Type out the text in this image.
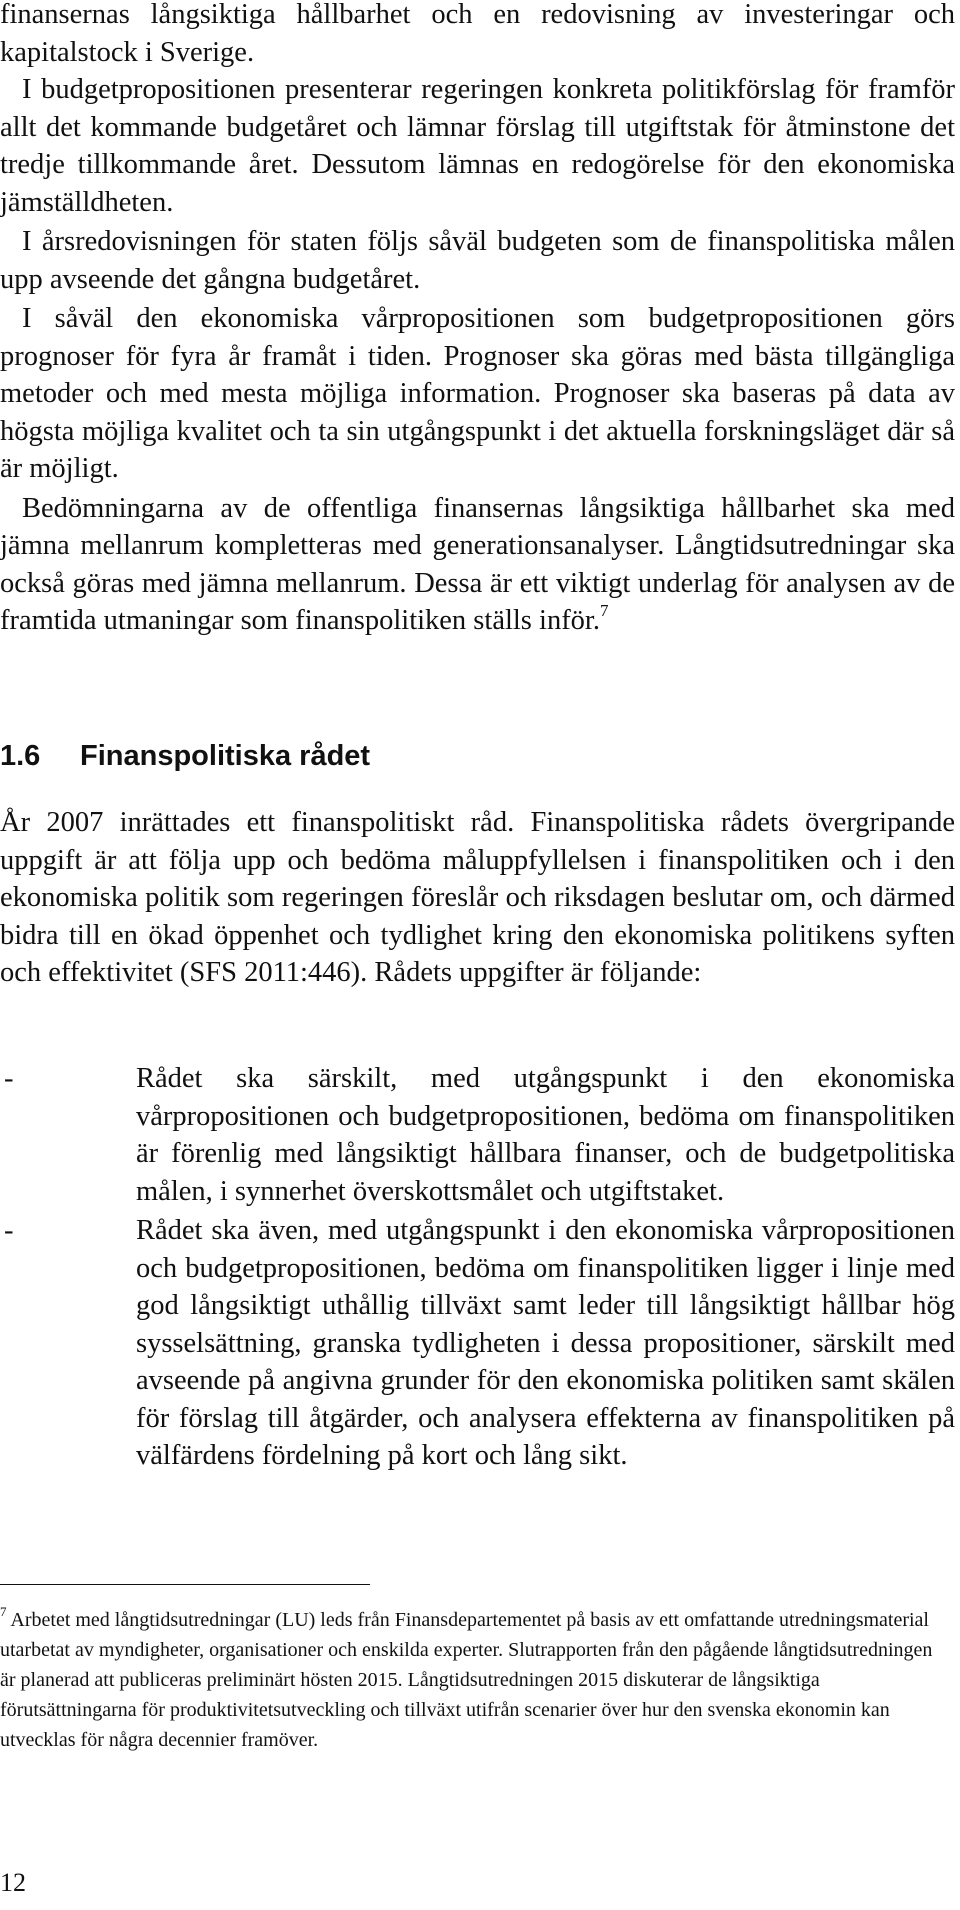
finansernas långsiktiga hållbarhet och en redovisning av investeringar och kapitalstock i Sverige.

I budgetpropositionen presenterar regeringen konkreta politikförslag för framför allt det kommande budgetåret och lämnar förslag till utgiftstak för åtminstone det tredje tillkommande året. Dessutom lämnas en redogörelse för den ekonomiska jämställdheten.

I årsredovisningen för staten följs såväl budgeten som de finanspolitiska målen upp avseende det gångna budgetåret.

I såväl den ekonomiska vårpropositionen som budgetpropositionen görs prognoser för fyra år framåt i tiden. Prognoser ska göras med bästa tillgängliga metoder och med mesta möjliga information. Prognoser ska baseras på data av högsta möjliga kvalitet och ta sin utgångspunkt i det aktuella forskningsläget där så är möjligt.

Bedömningarna av de offentliga finansernas långsiktiga hållbarhet ska med jämna mellanrum kompletteras med generationsanalyser. Långtidsutredningar ska också göras med jämna mellanrum. Dessa är ett viktigt underlag för analysen av de framtida utmaningar som finanspolitiken ställs inför.$^7$

1.6 Finanspolitiska rådet

År 2007 inrättades ett finanspolitiskt råd. Finanspolitiska rådets övergripande uppgift är att följa upp och bedöma måluppfyllelsen i finanspolitiken och i den ekonomiska politik som regeringen föreslår och riksdagen beslutar om, och därmed bidra till en ökad öppenhet och tydlighet kring den ekonomiska politikens syften och effektivitet (SFS 2011:446). Rådets uppgifter är följande:

-	Rådet ska särskilt, med utgångspunkt i den ekonomiska vårpropositionen och budgetpropositionen, bedöma om finanspolitiken är förenlig med långsiktigt hållbara finanser, och de budgetpolitiska målen, i synnerhet överskottsmålet och utgiftstaket.
-	Rådet ska även, med utgångspunkt i den ekonomiska vårpropositionen och budgetpropositionen, bedöma om finanspolitiken ligger i linje med god långsiktigt uthållig tillväxt samt leder till långsiktigt hållbar hög sysselsättning, granska tydligheten i dessa propositioner, särskilt med avseende på angivna grunder för den ekonomiska politiken samt skälen för förslag till åtgärder, och analysera effekterna av finanspolitiken på välfärdens fördelning på kort och lång sikt.

$^7$ Arbetet med långtidsutredningar (LU) leds från Finansdepartementet på basis av ett omfattande utredningsmaterial utarbetat av myndigheter, organisationer och enskilda experter. Slutrapporten från den pågående långtidsutredningen är planerad att publiceras preliminärt hösten 2015. Långtidsutredningen 2015 diskuterar de långsiktiga förutsättningarna för produktivitetsutveckling och tillväxt utifrån scenarier över hur den svenska ekonomin kan utvecklas för några decennier framöver.

12
